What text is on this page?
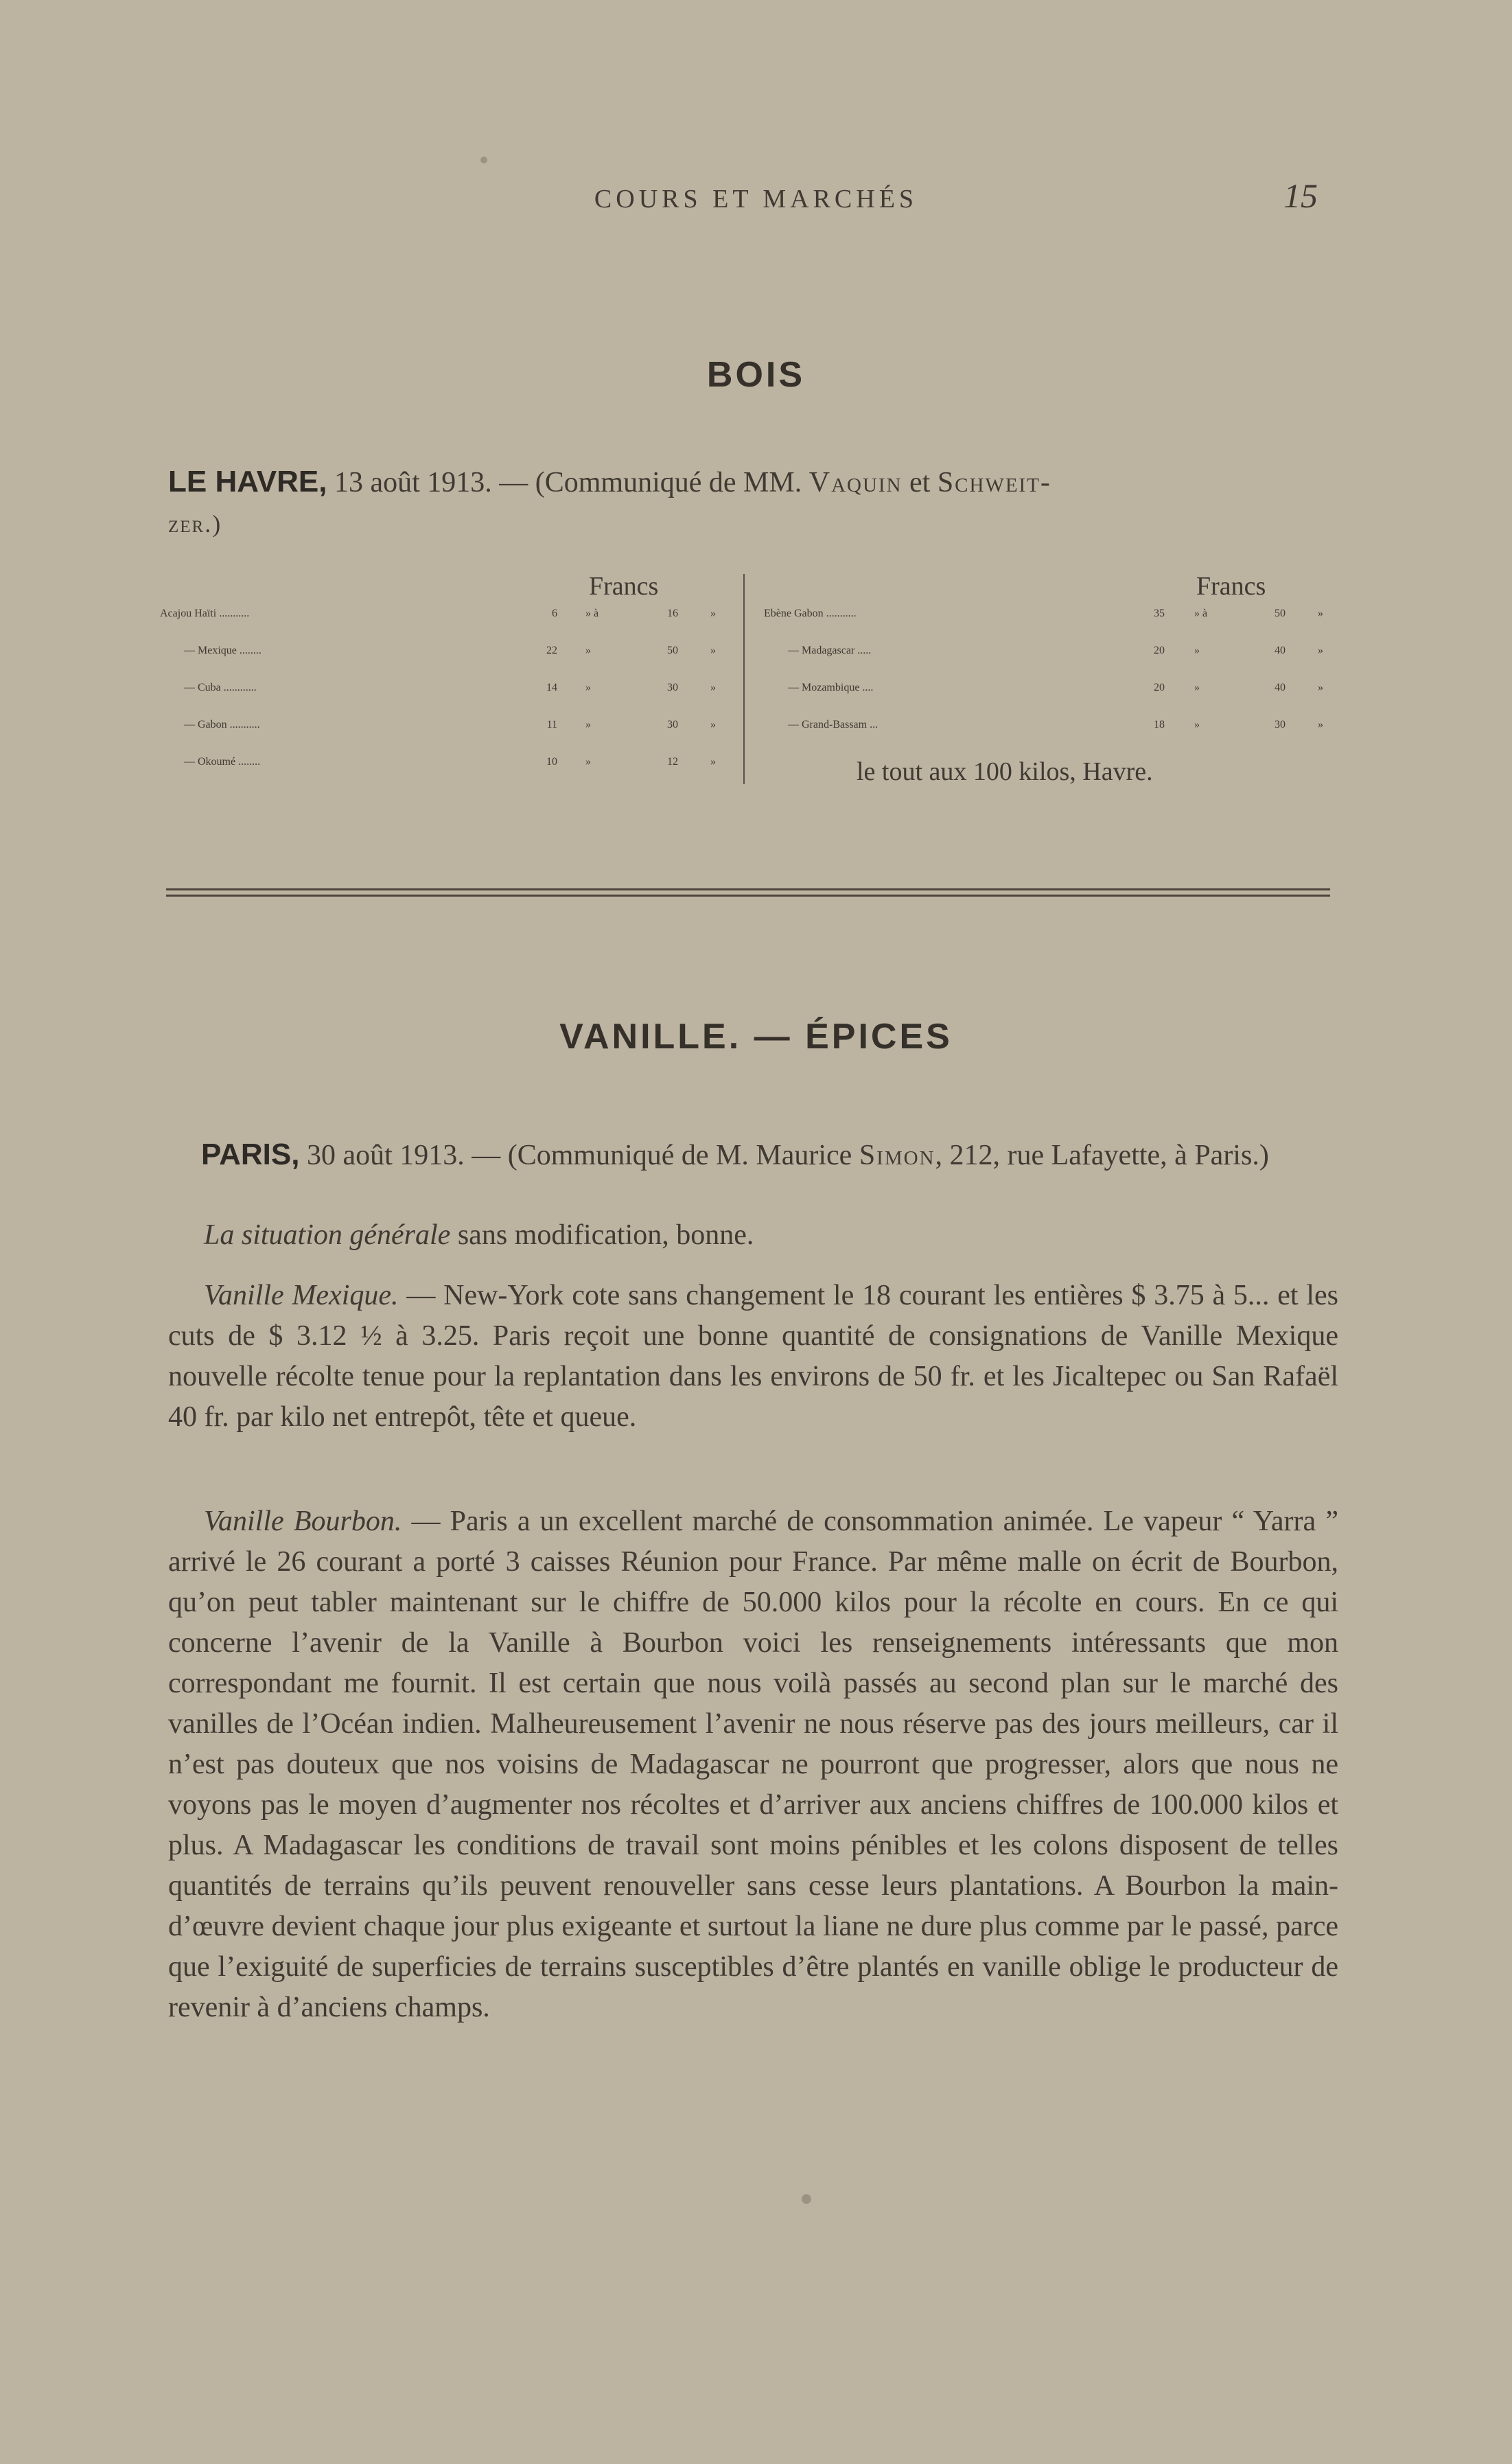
COURS ET MARCHÉS	15
BOIS

LE HAVRE, 13 août 1913. — (Communiqué de MM. Vaquin et Schweit-
zer.)

Francs
Acajou Haïti ...........	6	» à	16	»
— Mexique ........	22	»	50	»
— Cuba ............	14	»	30	»
— Gabon ...........	11	»	30	»
— Okoumé ........	10	»	12	»
Francs
Ebène Gabon ...........	35	» à	50	»
— Madagascar .....	20	»	40	»
— Mozambique ....	20	»	40	»
— Grand-Bassam ...	18	»	30	»
le tout aux 100 kilos, Havre.
VANILLE. — ÉPICES

PARIS, 30 août 1913. — (Communiqué de M. Maurice Simon, 212, rue Lafayette, à Paris.)

La situation générale sans modification, bonne.

Vanille Mexique. — New-York cote sans changement le 18 courant les entières $ 3.75 à 5... et les cuts de $ 3.12 ½ à 3.25. Paris reçoit une bonne quantité de consignations de Vanille Mexique nouvelle récolte tenue pour la replantation dans les environs de 50 fr. et les Jicaltepec ou San Rafaël 40 fr. par kilo net entrepôt, tête et queue.

Vanille Bourbon. — Paris a un excellent marché de consommation animée. Le vapeur “ Yarra ” arrivé le 26 courant a porté 3 caisses Réunion pour France. Par même malle on écrit de Bourbon, qu’on peut tabler maintenant sur le chiffre de 50.000 kilos pour la récolte en cours. En ce qui concerne l’avenir de la Vanille à Bourbon voici les renseignements intéressants que mon correspondant me fournit. Il est certain que nous voilà passés au second plan sur le marché des vanilles de l’Océan indien. Malheureusement l’avenir ne nous réserve pas des jours meilleurs, car il n’est pas douteux que nos voisins de Madagascar ne pourront que progresser, alors que nous ne voyons pas le moyen d’augmenter nos récoltes et d’arriver aux anciens chiffres de 100.000 kilos et plus. A Madagascar les conditions de travail sont moins pénibles et les colons disposent de telles quantités de terrains qu’ils peuvent renouveller sans cesse leurs plantations. A Bourbon la main-d’œuvre devient chaque jour plus exigeante et surtout la liane ne dure plus comme par le passé, parce que l’exiguité de superficies de terrains susceptibles d’être plantés en vanille oblige le producteur de revenir à d’anciens champs.
